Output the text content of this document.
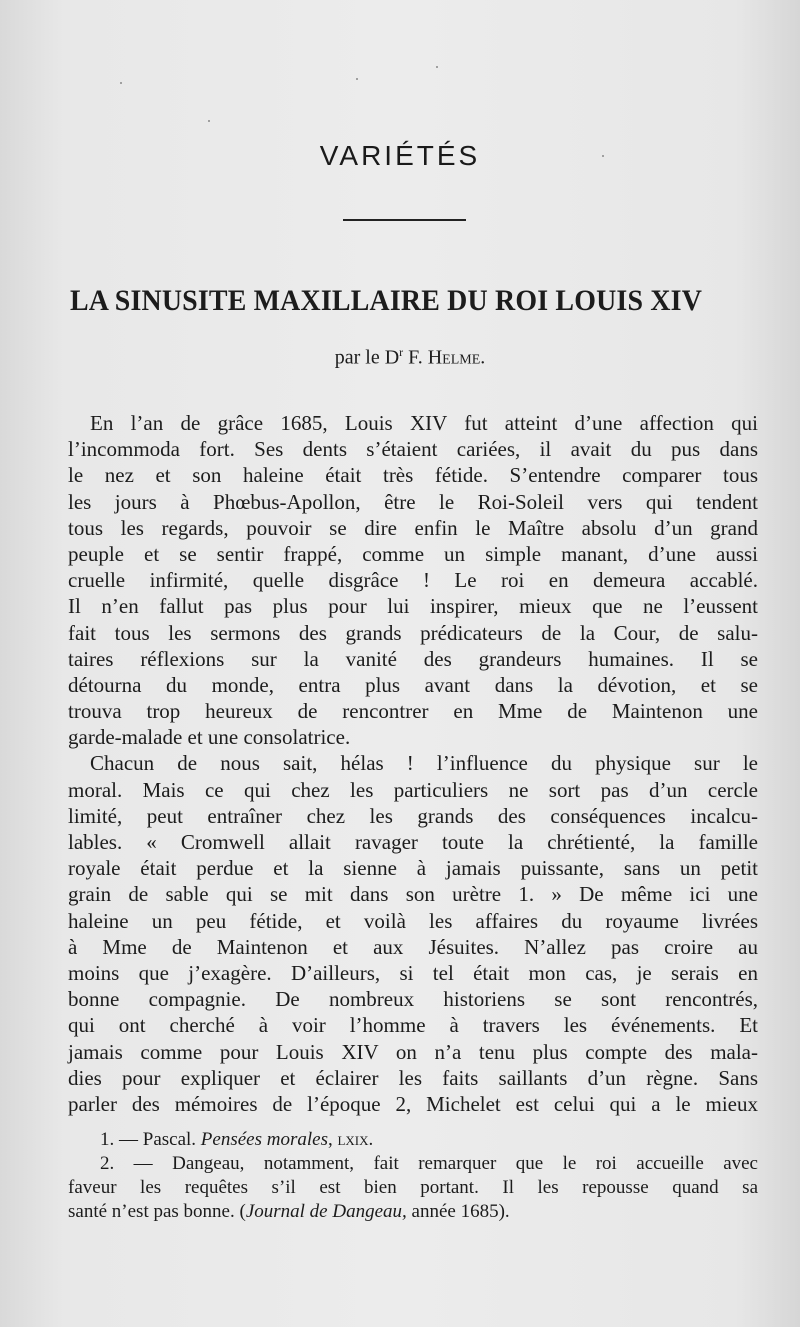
VARIÉTÉS
LA SINUSITE MAXILLAIRE DU ROI LOUIS XIV
par le $D^r$ F. Helme.
En l’an de grâce 1685, Louis XIV fut atteint d’une affection qui
l’incommoda fort. Ses dents s’étaient cariées, il avait du pus dans
le nez et son haleine était très fétide. S’entendre comparer tous
les jours à Phœbus-Apollon, être le Roi-Soleil vers qui tendent
tous les regards, pouvoir se dire enfin le Maître absolu d’un grand
peuple et se sentir frappé, comme un simple manant, d’une aussi
cruelle infirmité, quelle disgrâce ! Le roi en demeura accablé.
Il n’en fallut pas plus pour lui inspirer, mieux que ne l’eussent
fait tous les sermons des grands prédicateurs de la Cour, de salu-
taires réflexions sur la vanité des grandeurs humaines. Il se
détourna du monde, entra plus avant dans la dévotion, et se
trouva trop heureux de rencontrer en Mme de Maintenon une
garde-malade et une consolatrice.
Chacun de nous sait, hélas ! l’influence du physique sur le
moral. Mais ce qui chez les particuliers ne sort pas d’un cercle
limité, peut entraîner chez les grands des conséquences incalcu-
lables. « Cromwell allait ravager toute la chrétienté, la famille
royale était perdue et la sienne à jamais puissante, sans un petit
grain de sable qui se mit dans son urètre 1. » De même ici une
haleine un peu fétide, et voilà les affaires du royaume livrées
à Mme de Maintenon et aux Jésuites. N’allez pas croire au
moins que j’exagère. D’ailleurs, si tel était mon cas, je serais en
bonne compagnie. De nombreux historiens se sont rencontrés,
qui ont cherché à voir l’homme à travers les événements. Et
jamais comme pour Louis XIV on n’a tenu plus compte des mala-
dies pour expliquer et éclairer les faits saillants d’un règne. Sans
parler des mémoires de l’époque 2, Michelet est celui qui a le mieux
1. — Pascal. Pensées morales, lxix.
2. — Dangeau, notamment, fait remarquer que le roi accueille avec
faveur les requêtes s’il est bien portant. Il les repousse quand sa
santé n’est pas bonne. (Journal de Dangeau, année 1685).
